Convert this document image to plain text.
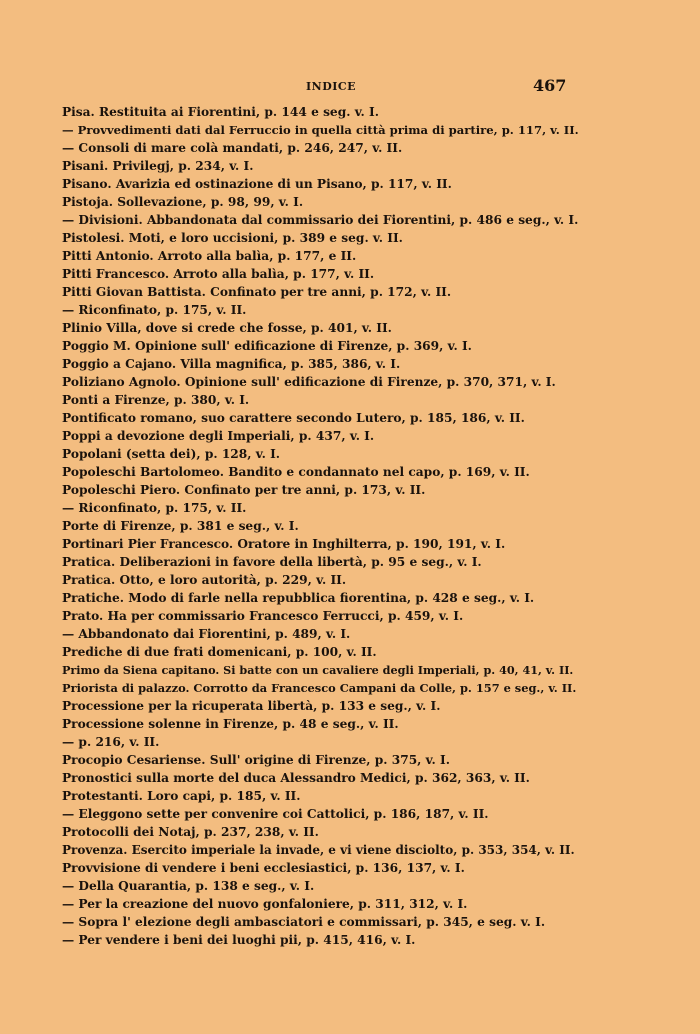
INDICE	467
Pisa. Restituita ai Fiorentini, p. 144 e seg. v. I.
— Provvedimenti dati dal Ferruccio in quella città prima di partire, p. 117, v. II.
— Consoli di mare colà mandati, p. 246, 247, v. II.
Pisani. Privilegj, p. 234, v. I.
Pisano. Avarizia ed ostinazione di un Pisano, p. 117, v. II.
Pistoja. Sollevazione, p. 98, 99, v. I.
— Divisioni. Abbandonata dal commissario dei Fiorentini, p. 486 e seg., v. I.
Pistolesi. Moti, e loro uccisioni, p. 389 e seg. v. II.
Pitti Antonio. Arroto alla balìa, p. 177, e II.
Pitti Francesco. Arroto alla balìa, p. 177, v. II.
Pitti Giovan Battista. Confinato per tre anni, p. 172, v. II.
— Riconfinato, p. 175, v. II.
Plinio Villa, dove si crede che fosse, p. 401, v. II.
Poggio M. Opinione sull' edificazione di Firenze, p. 369, v. I.
Poggio a Cajano. Villa magnifica, p. 385, 386, v. I.
Poliziano Agnolo. Opinione sull' edificazione di Firenze, p. 370, 371, v. I.
Ponti a Firenze, p. 380, v. I.
Pontificato romano, suo carattere secondo Lutero, p. 185, 186, v. II.
Poppi a devozione degli Imperiali, p. 437, v. I.
Popolani (setta dei), p. 128, v. I.
Popoleschi Bartolomeo. Bandito e condannato nel capo, p. 169, v. II.
Popoleschi Piero. Confinato per tre anni, p. 173, v. II.
— Riconfinato, p. 175, v. II.
Porte di Firenze, p. 381 e seg., v. I.
Portinari Pier Francesco. Oratore in Inghilterra, p. 190, 191, v. I.
Pratica. Deliberazioni in favore della libertà, p. 95 e seg., v. I.
Pratica. Otto, e loro autorità, p. 229, v. II.
Pratiche. Modo di farle nella repubblica fiorentina, p. 428 e seg., v. I.
Prato. Ha per commissario Francesco Ferrucci, p. 459, v. I.
— Abbandonato dai Fiorentini, p. 489, v. I.
Prediche di due frati domenicani, p. 100, v. II.
Primo da Siena capitano. Si batte con un cavaliere degli Imperiali, p. 40, 41, v. II.
Priorista di palazzo. Corrotto da Francesco Campani da Colle, p. 157 e seg., v. II.
Processione per la ricuperata libertà, p. 133 e seg., v. I.
Processione solenne in Firenze, p. 48 e seg., v. II.
— p. 216, v. II.
Procopio Cesariense. Sull' origine di Firenze, p. 375, v. I.
Pronostici sulla morte del duca Alessandro Medici, p. 362, 363, v. II.
Protestanti. Loro capi, p. 185, v. II.
— Eleggono sette per convenire coi Cattolici, p. 186, 187, v. II.
Protocolli dei Notaj, p. 237, 238, v. II.
Provenza. Esercito imperiale la invade, e vi viene disciolto, p. 353, 354, v. II.
Provvisione di vendere i beni ecclesiastici, p. 136, 137, v. I.
— Della Quarantia, p. 138 e seg., v. I.
— Per la creazione del nuovo gonfaloniere, p. 311, 312, v. I.
— Sopra l' elezione degli ambasciatori e commissari, p. 345, e seg. v. I.
— Per vendere i beni dei luoghi pii, p. 415, 416, v. I.
